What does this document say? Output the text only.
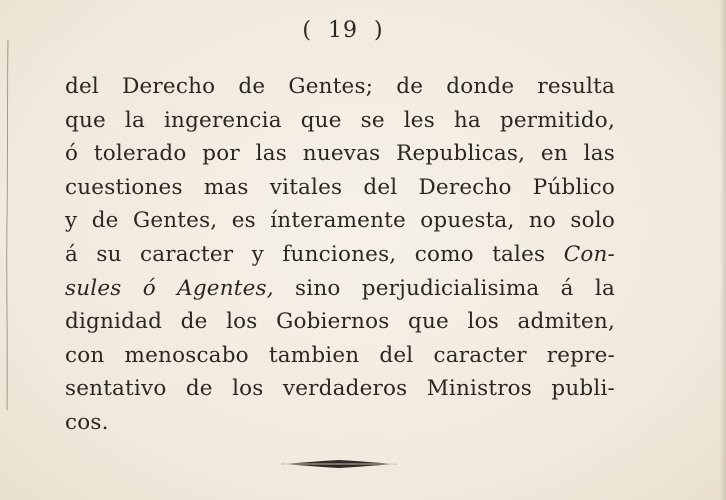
( 19 )
del Derecho de Gentes; de donde resulta
que la ingerencia que se les ha permitido,
ó tolerado por las nuevas Republicas, en las
cuestiones mas vitales del Derecho Público
y de Gentes, es ínteramente opuesta, no solo
á su caracter y funciones, como tales Con-
sules ó Agentes, sino perjudicialisima á la
dignidad de los Gobiernos que los admiten,
con menoscabo tambien del caracter repre-
sentativo de los verdaderos Ministros publi-
cos.
